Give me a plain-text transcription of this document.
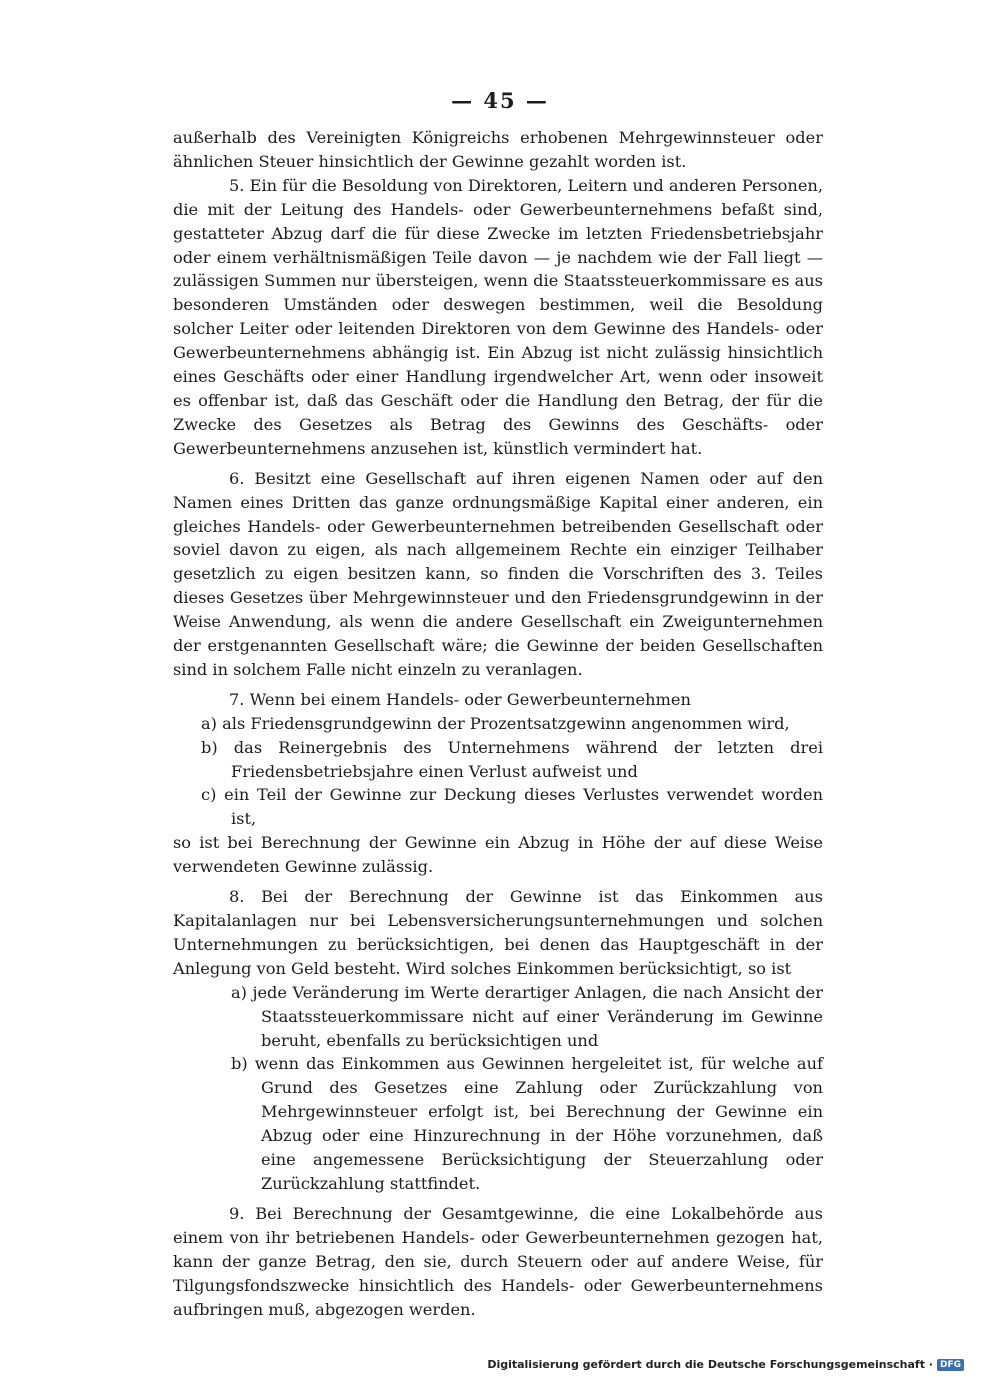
— 45 —

außerhalb des Vereinigten Königreichs erhobenen Mehrgewinnsteuer oder ähnlichen Steuer hinsichtlich der Gewinne gezahlt worden ist.

5. Ein für die Besoldung von Direktoren, Leitern und anderen Personen, die mit der Leitung des Handels- oder Gewerbeunternehmens befaßt sind, gestatteter Abzug darf die für diese Zwecke im letzten Friedensbetriebsjahr oder einem verhältnismäßigen Teile davon — je nachdem wie der Fall liegt — zulässigen Summen nur übersteigen, wenn die Staatssteuerkommissare es aus besonderen Umständen oder deswegen bestimmen, weil die Besoldung solcher Leiter oder leitenden Direktoren von dem Gewinne des Handels- oder Gewerbeunternehmens abhängig ist. Ein Abzug ist nicht zulässig hinsichtlich eines Geschäfts oder einer Handlung irgendwelcher Art, wenn oder insoweit es offenbar ist, daß das Geschäft oder die Handlung den Betrag, der für die Zwecke des Gesetzes als Betrag des Gewinns des Geschäfts- oder Gewerbeunternehmens anzusehen ist, künstlich vermindert hat.

6. Besitzt eine Gesellschaft auf ihren eigenen Namen oder auf den Namen eines Dritten das ganze ordnungsmäßige Kapital einer anderen, ein gleiches Handels- oder Gewerbeunternehmen betreibenden Gesellschaft oder soviel davon zu eigen, als nach allgemeinem Rechte ein einziger Teilhaber gesetzlich zu eigen besitzen kann, so finden die Vorschriften des 3. Teiles dieses Gesetzes über Mehrgewinnsteuer und den Friedensgrundgewinn in der Weise Anwendung, als wenn die andere Gesellschaft ein Zweigunternehmen der erstgenannten Gesellschaft wäre; die Gewinne der beiden Gesellschaften sind in solchem Falle nicht einzeln zu veranlagen.

7. Wenn bei einem Handels- oder Gewerbeunternehmen

a) als Friedensgrundgewinn der Prozentsatzgewinn angenommen wird,

b) das Reinergebnis des Unternehmens während der letzten drei Friedensbetriebsjahre einen Verlust aufweist und

c) ein Teil der Gewinne zur Deckung dieses Verlustes verwendet worden ist,

so ist bei Berechnung der Gewinne ein Abzug in Höhe der auf diese Weise verwendeten Gewinne zulässig.

8. Bei der Berechnung der Gewinne ist das Einkommen aus Kapitalanlagen nur bei Lebensversicherungsunternehmungen und solchen Unternehmungen zu berücksichtigen, bei denen das Hauptgeschäft in der Anlegung von Geld besteht. Wird solches Einkommen berücksichtigt, so ist

a) jede Veränderung im Werte derartiger Anlagen, die nach Ansicht der Staatssteuerkommissare nicht auf einer Veränderung im Gewinne beruht, ebenfalls zu berücksichtigen und

b) wenn das Einkommen aus Gewinnen hergeleitet ist, für welche auf Grund des Gesetzes eine Zahlung oder Zurückzahlung von Mehrgewinnsteuer erfolgt ist, bei Berechnung der Gewinne ein Abzug oder eine Hinzurechnung in der Höhe vorzunehmen, daß eine angemessene Berücksichtigung der Steuerzahlung oder Zurückzahlung stattfindet.

9. Bei Berechnung der Gesamtgewinne, die eine Lokalbehörde aus einem von ihr betriebenen Handels- oder Gewerbeunternehmen gezogen hat, kann der ganze Betrag, den sie, durch Steuern oder auf andere Weise, für Tilgungsfondszwecke hinsichtlich des Handels- oder Gewerbeunternehmens aufbringen muß, abgezogen werden.

Digitalisierung gefördert durch die Deutsche Forschungsgemeinschaft · DFG
